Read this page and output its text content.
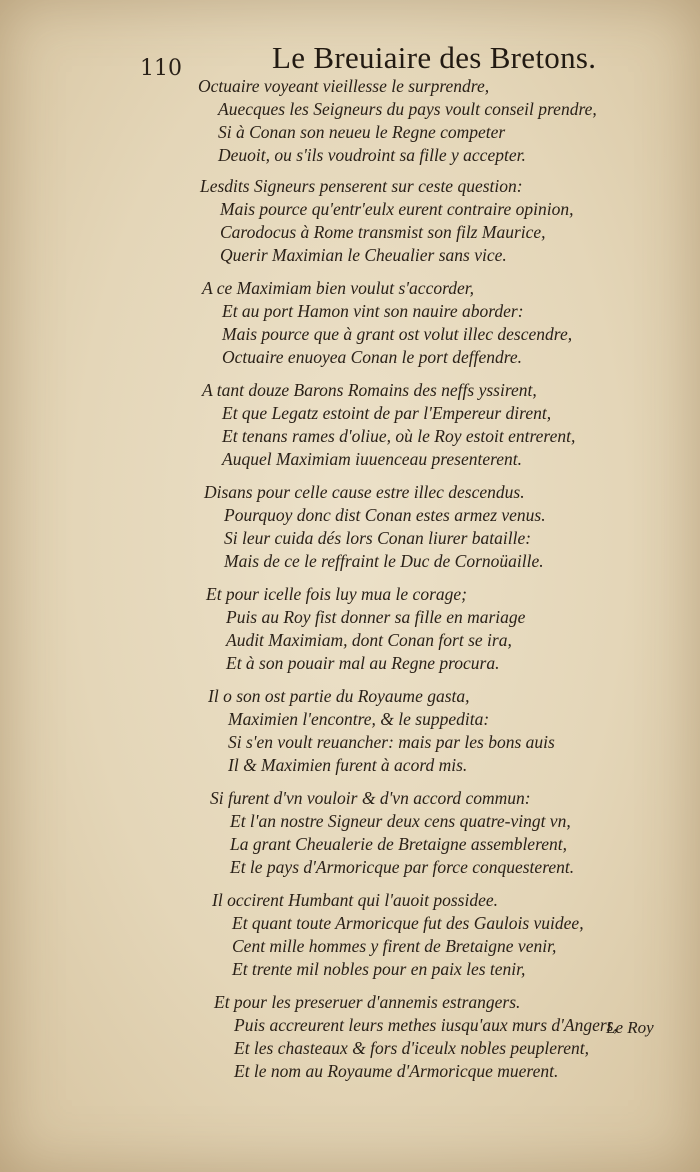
110	Le Breuiaire des Bretons.
Octuaire voyeant vieillesse le surprendre,
Auecques les Seigneurs du pays voult conseil prendre,
Si à Conan son neueu le Regne competer
Deuoit, ou s'ils voudroint sa fille y accepter.
Lesdits Signeurs penserent sur ceste question:
Mais pource qu'entr'eulx eurent contraire opinion,
Carodocus à Rome transmist son filz Maurice,
Querir Maximian le Cheualier sans vice.
A ce Maximiam bien voulut s'accorder,
Et au port Hamon vint son nauire aborder:
Mais pource que à grant ost volut illec descendre,
Octuaire enuoyea Conan le port deffendre.
A tant douze Barons Romains des neffs yssirent,
Et que Legatz estoint de par l'Empereur dirent,
Et tenans rames d'oliue, où le Roy estoit entrerent,
Auquel Maximiam iuuenceau presenterent.
Disans pour celle cause estre illec descendus.
Pourquoy donc dist Conan estes armez venus.
Si leur cuida dés lors Conan liurer bataille:
Mais de ce le reffraint le Duc de Cornoüaille.
Et pour icelle fois luy mua le corage;
Puis au Roy fist donner sa fille en mariage
Audit Maximiam, dont Conan fort se ira,
Et à son pouair mal au Regne procura.
Il o son ost partie du Royaume gasta,
Maximien l'encontre, & le suppedita:
Si s'en voult reuancher: mais par les bons auis
Il & Maximien furent à acord mis.
Si furent d'vn vouloir & d'vn accord commun:
Et l'an nostre Signeur deux cens quatre-vingt vn,
La grant Cheualerie de Bretaigne assemblerent,
Et le pays d'Armoricque par force conquesterent.
Il occirent Humbant qui l'auoit possidee.
Et quant toute Armoricque fut des Gaulois vuidee,
Cent mille hommes y firent de Bretaigne venir,
Et trente mil nobles pour en paix les tenir,
Et pour les preseruer d'annemis estrangers.
Puis accreurent leurs methes iusqu'aux murs d'Angers,
Et les chasteaux & fors d'iceulx nobles peuplerent,
Et le nom au Royaume d'Armoricque muerent.
Le Roy
